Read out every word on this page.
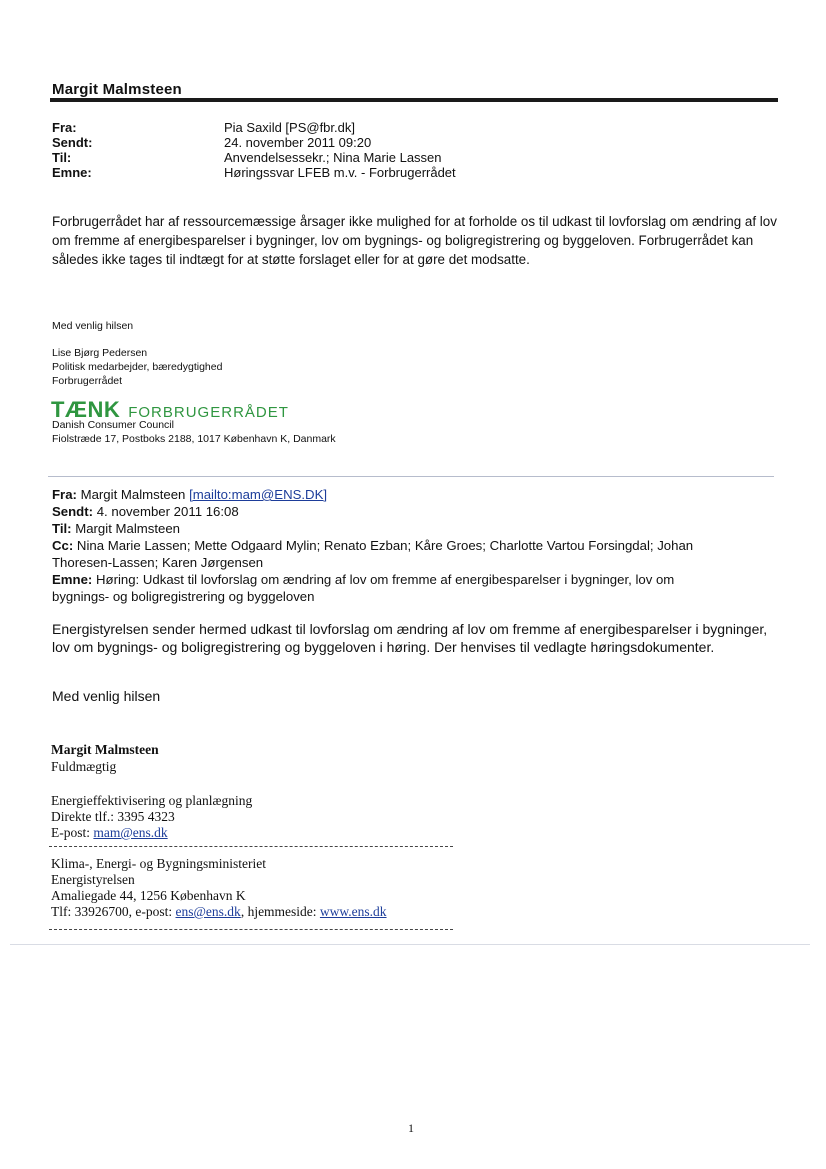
Margit Malmsteen
Fra:	Pia Saxild [PS@fbr.dk]
Sendt:	24. november 2011 09:20
Til:	Anvendelsessekr.; Nina Marie Lassen
Emne:	Høringssvar LFEB m.v. - Forbrugerrådet
Forbrugerrådet har af ressourcemæssige årsager ikke mulighed for at forholde os til udkast til lovforslag om ændring af lov om fremme af energibesparelser i bygninger, lov om bygnings- og boligregistrering og byggeloven. Forbrugerrådet kan således ikke tages til indtægt for at støtte forslaget eller for at gøre det modsatte.
Med venlig hilsen
Lise Bjørg Pedersen
Politisk medarbejder, bæredygtighed
Forbrugerrådet
TÆNK FORBRUGERRÅDET
Danish Consumer Council
Fiolstræde 17, Postboks 2188, 1017 København K, Danmark
Fra: Margit Malmsteen [mailto:mam@ENS.DK]
Sendt: 4. november 2011 16:08
Til: Margit Malmsteen
Cc: Nina Marie Lassen; Mette Odgaard Mylin; Renato Ezban; Kåre Groes; Charlotte Vartou Forsingdal; Johan
Thoresen-Lassen; Karen Jørgensen
Emne: Høring: Udkast til lovforslag om ændring af lov om fremme af energibesparelser i bygninger, lov om
bygnings- og boligregistrering og byggeloven
Energistyrelsen sender hermed udkast til lovforslag om ændring af lov om fremme af energibesparelser i bygninger, lov om bygnings- og boligregistrering og byggeloven i høring. Der henvises til vedlagte høringsdokumenter.
Med venlig hilsen
Margit Malmsteen
Fuldmægtig
Energieffektivisering og planlægning
Direkte tlf.: 3395 4323
E-post: mam@ens.dk
Klima-, Energi- og Bygningsministeriet
Energistyrelsen
Amaliegade 44, 1256 København K
Tlf: 33926700, e-post: ens@ens.dk, hjemmeside: www.ens.dk
1
